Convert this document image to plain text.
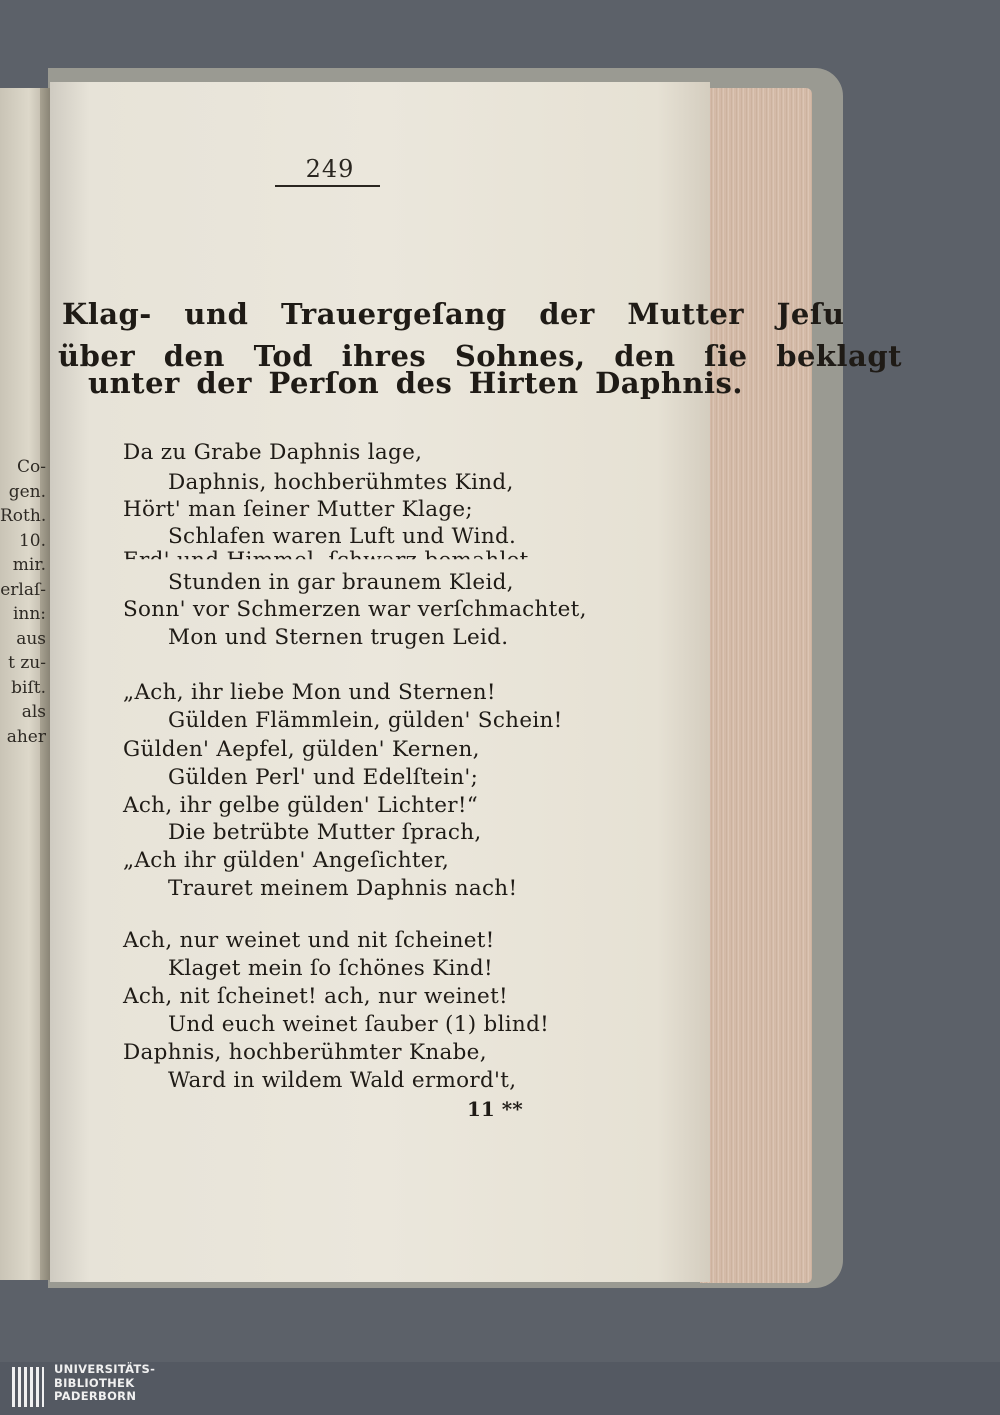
Co-
gen.
Roth.
10.
mir.
erlaſ-
inn:
aus
t zu-
biſt.
als
aher
249
Klag- und Trauergeſang der Mutter Jeſu
über den Tod ihres Sohnes, den ſie beklagt
unter der Perſon des Hirten Daphnis.
Da zu Grabe Daphnis lage,
Daphnis, hochberühmtes Kind,
Hört' man ſeiner Mutter Klage;
Schlafen waren Luft und Wind.
Stunden in gar braunem Kleid,
Sonn' vor Schmerzen war verſchmachtet,
Mon und Sternen trugen Leid.
„Ach, ihr liebe Mon und Sternen!
Gülden Flämmlein, gülden' Schein!
Gülden' Aepfel, gülden' Kernen,
Gülden Perl' und Edelſtein';
Ach, ihr gelbe gülden' Lichter!“
Die betrübte Mutter ſprach,
„Ach ihr gülden' Angeſichter,
Trauret meinem Daphnis nach!
Ach, nur weinet und nit ſcheinet!
Klaget mein ſo ſchönes Kind!
Ach, nit ſcheinet! ach, nur weinet!
Und euch weinet ſauber (1) blind!
Daphnis, hochberühmter Knabe,
Ward in wildem Wald ermord't,
11 **
UNIVERSITÄTS-
BIBLIOTHEK
PADERBORN
